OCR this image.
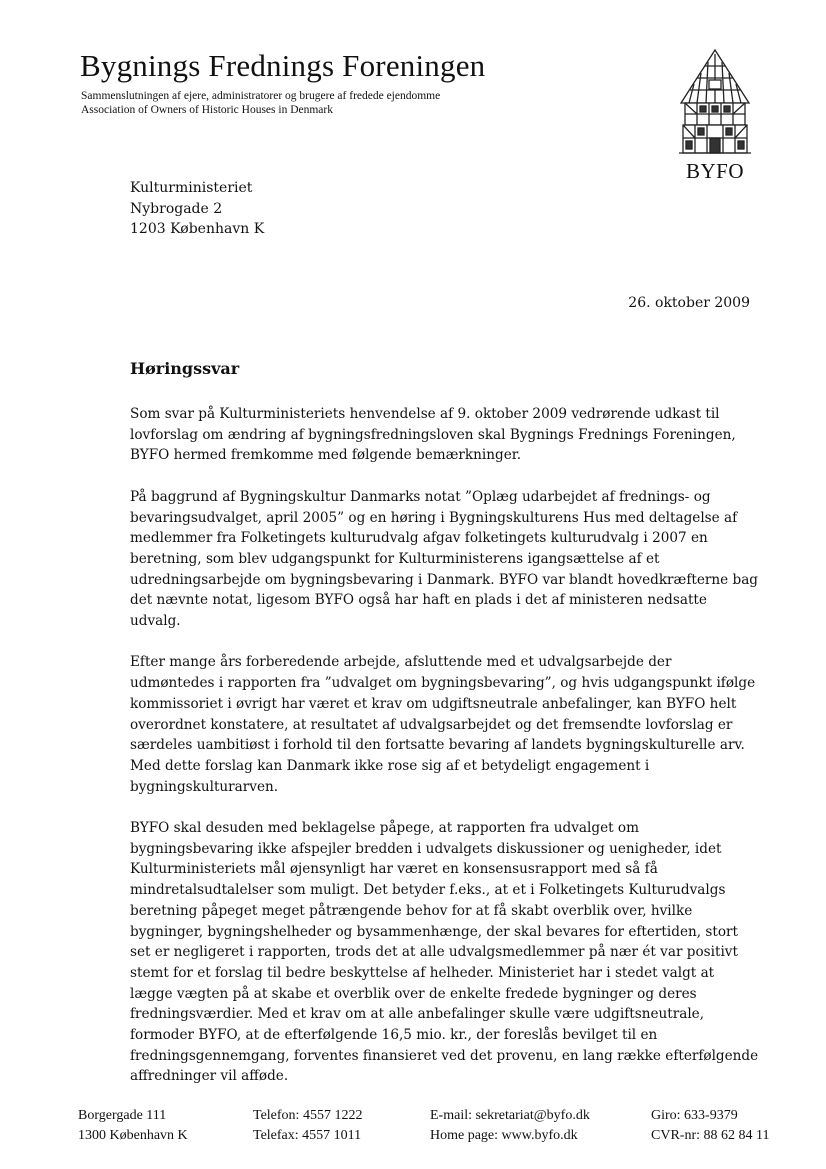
Bygnings Frednings Foreningen
Sammenslutningen af ejere, administratorer og brugere af fredede ejendomme
Association of Owners of Historic Houses in Denmark
BYFO
Kulturministeriet
Nybrogade 2
1203 København K
26. oktober 2009
Høringssvar

Som svar på Kulturministeriets henvendelse af 9. oktober 2009 vedrørende udkast til lovforslag om ændring af bygningsfredningsloven skal Bygnings Frednings Foreningen, BYFO hermed fremkomme med følgende bemærkninger.

På baggrund af Bygningskultur Danmarks notat ”Oplæg udarbejdet af frednings- og bevaringsudvalget, april 2005” og en høring i Bygningskulturens Hus med deltagelse af medlemmer fra Folketingets kulturudvalg afgav folketingets kulturudvalg i 2007 en beretning, som blev udgangspunkt for Kulturministerens igangsættelse af et udredningsarbejde om bygningsbevaring i Danmark. BYFO var blandt hovedkræfterne bag det nævnte notat, ligesom BYFO også har haft en plads i det af ministeren nedsatte udvalg.

Efter mange års forberedende arbejde, afsluttende med et udvalgsarbejde der udmøntedes i rapporten fra ”udvalget om bygningsbevaring”, og hvis udgangspunkt ifølge kommissoriet i øvrigt har været et krav om udgiftsneutrale anbefalinger, kan BYFO helt overordnet konstatere, at resultatet af udvalgsarbejdet og det fremsendte lovforslag er særdeles uambitiøst i forhold til den fortsatte bevaring af landets bygningskulturelle arv. Med dette forslag kan Danmark ikke rose sig af et betydeligt engagement i bygningskulturarven.

BYFO skal desuden med beklagelse påpege, at rapporten fra udvalget om bygningsbevaring ikke afspejler bredden i udvalgets diskussioner og uenigheder, idet Kulturministeriets mål øjensynligt har været en konsensusrapport med så få mindretalsudtalelser som muligt. Det betyder f.eks., at et i Folketingets Kulturudvalgs beretning påpeget meget påtrængende behov for at få skabt overblik over, hvilke bygninger, bygningshelheder og bysammenhænge, der skal bevares for eftertiden, stort set er negligeret i rapporten, trods det at alle udvalgsmedlemmer på nær ét var positivt stemt for et forslag til bedre beskyttelse af helheder. Ministeriet har i stedet valgt at lægge vægten på at skabe et overblik over de enkelte fredede bygninger og deres fredningsværdier. Med et krav om at alle anbefalinger skulle være udgiftsneutrale, formoder BYFO, at de efterfølgende 16,5 mio. kr., der foreslås bevilget til en fredningsgennemgang, forventes finansieret ved det provenu, en lang række efterfølgende affredninger vil afføde.

Borgergade 111
1300 København K
Telefon: 4557 1222
Telefax: 4557 1011
E-mail: sekretariat@byfo.dk
Home page: www.byfo.dk
Giro: 633-9379
CVR-nr: 88 62 84 11
